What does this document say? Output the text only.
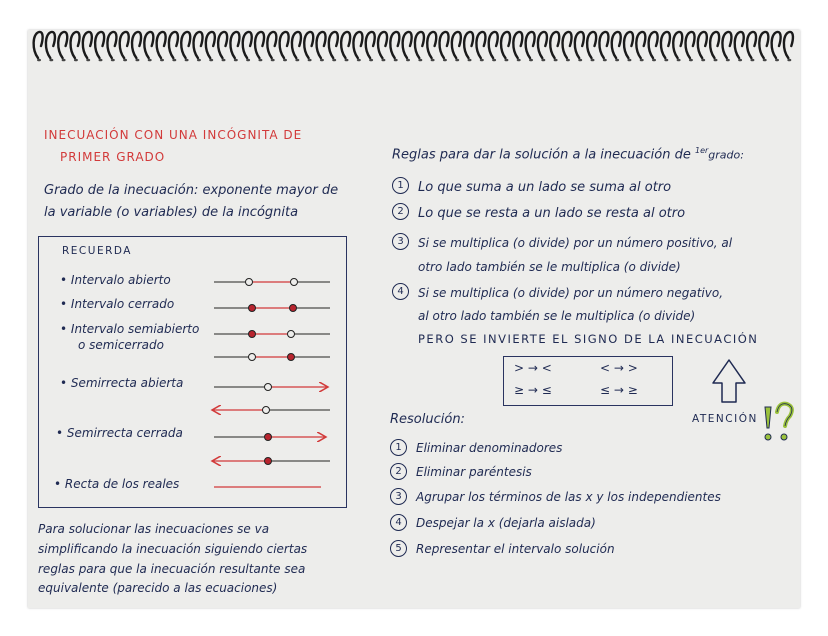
INECUACIÓN CON UNA INCÓGNITA DE
PRIMER GRADO
Grado de la inecuación: exponente mayor de
la variable (o variables) de la incógnita
RECUERDA
• Intervalo abierto
• Intervalo cerrado
• Intervalo semiabierto
o semicerrado
• Semirrecta abierta
• Semirrecta cerrada
• Recta de los reales
Para solucionar las inecuaciones se va
simplificando la inecuación siguiendo ciertas
reglas para que la inecuación resultante sea
equivalente (parecido a las ecuaciones)
Reglas para dar la solución a la inecuación de $^{1er}$grado:
1	Lo que suma a un lado se suma al otro
2	Lo que se resta a un lado se resta al otro
3	Si se multiplica (o divide) por un número positivo, al
otro lado también se le multiplica (o divide)
4	Si se multiplica (o divide) por un número negativo,
al otro lado también se le multiplica (o divide)
PERO SE INVIERTE EL SIGNO DE LA INECUACIÓN
> → <	< → >
≥ → ≤	≤ → ≥
ATENCIÓN
Resolución:
1	Eliminar denominadores
2	Eliminar paréntesis
3	Agrupar los términos de las x y los independientes
4	Despejar la x (dejarla aislada)
5	Representar el intervalo solución
